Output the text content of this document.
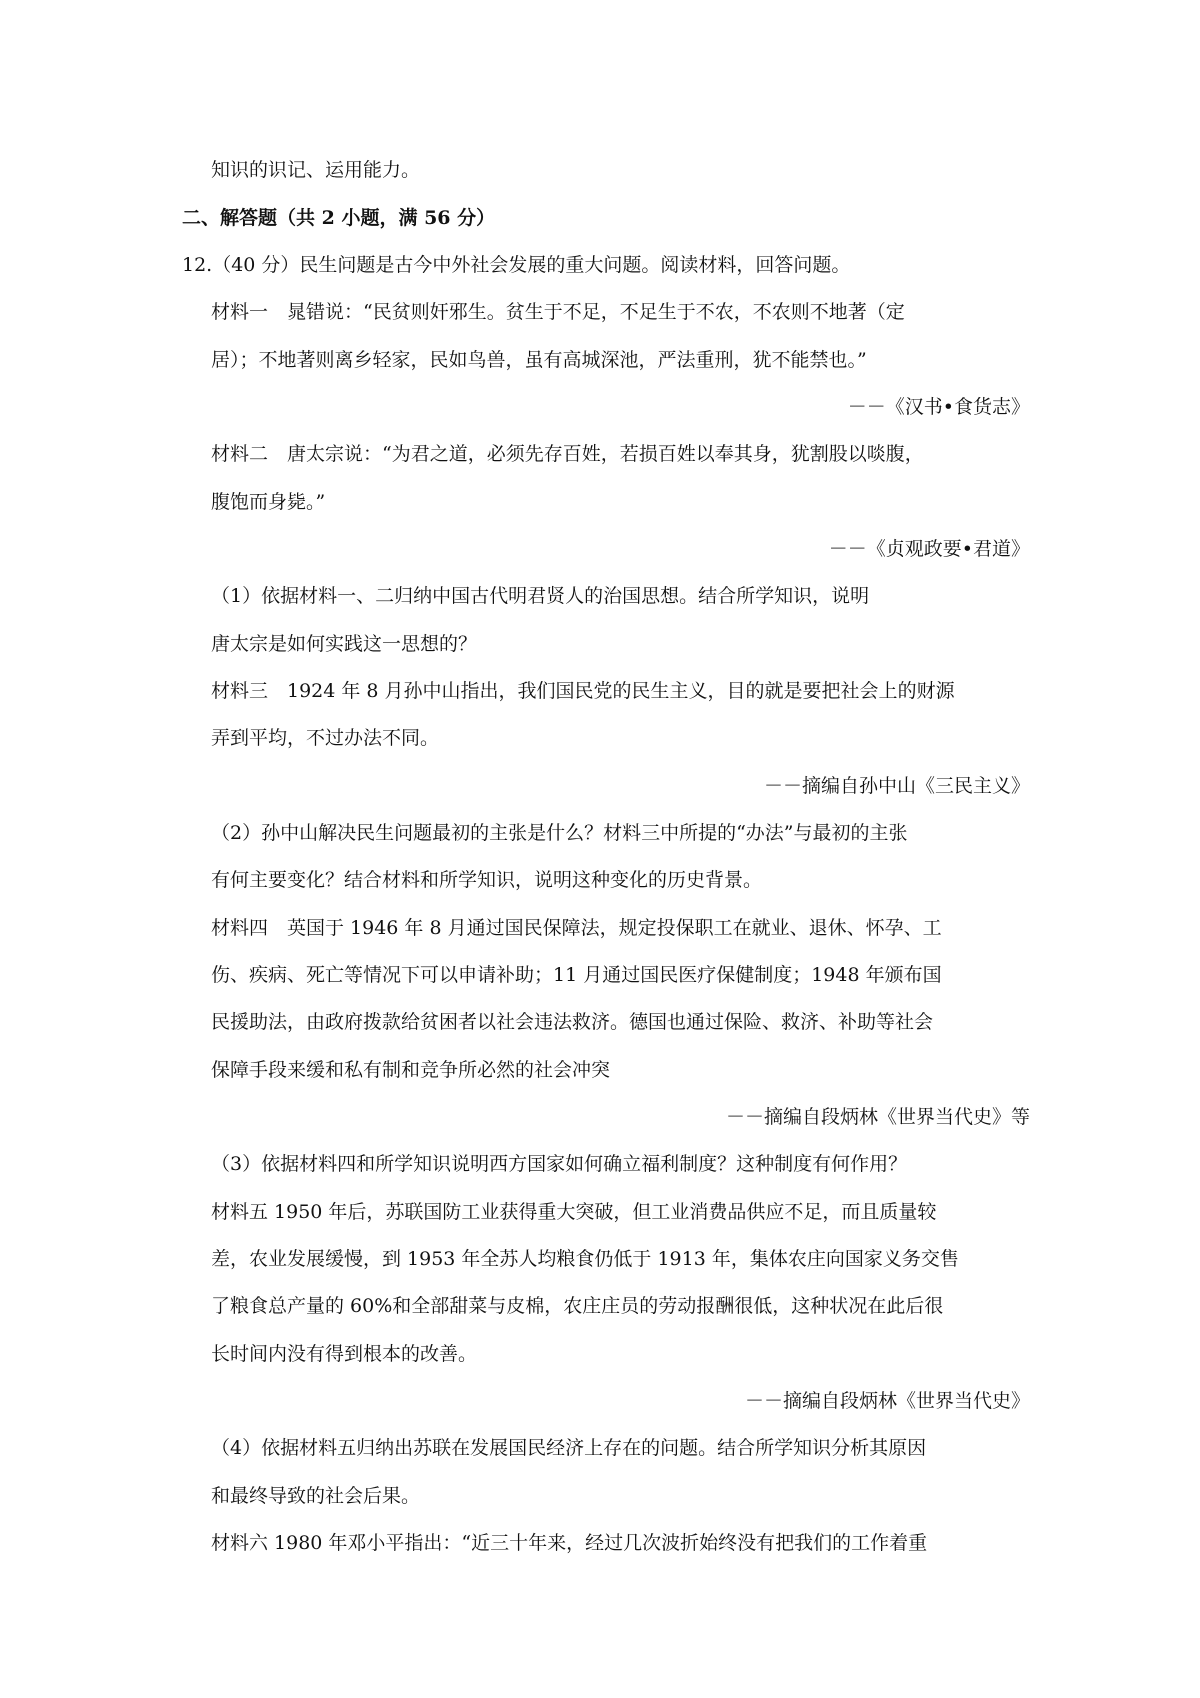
知识的识记、运用能力。
二、解答题（共 2 小题，满 56 分）
12.（40 分）民生问题是古今中外社会发展的重大问题。阅读材料，回答问题。
材料一　晁错说：“民贫则奸邪生。贫生于不足，不足生于不农，不农则不地著（定
居）；不地著则离乡轻家，民如鸟兽，虽有高城深池，严法重刑，犹不能禁也。”
－－《汉书•食货志》
材料二　唐太宗说：“为君之道，必须先存百姓，若损百姓以奉其身，犹割股以啖腹，
腹饱而身毙。”
－－《贞观政要•君道》
（1）依据材料一、二归纳中国古代明君贤人的治国思想。结合所学知识，说明
唐太宗是如何实践这一思想的？
材料三　1924 年 8 月孙中山指出，我们国民党的民生主义，目的就是要把社会上的财源
弄到平均，不过办法不同。
－－摘编自孙中山《三民主义》
（2）孙中山解决民生问题最初的主张是什么？材料三中所提的“办法”与最初的主张
有何主要变化？结合材料和所学知识，说明这种变化的历史背景。
材料四　英国于 1946 年 8 月通过国民保障法，规定投保职工在就业、退休、怀孕、工
伤、疾病、死亡等情况下可以申请补助；11 月通过国民医疗保健制度；1948 年颁布国
民援助法，由政府拨款给贫困者以社会违法救济。德国也通过保险、救济、补助等社会
保障手段来缓和私有制和竞争所必然的社会冲突
－－摘编自段炳林《世界当代史》等
（3）依据材料四和所学知识说明西方国家如何确立福利制度？这种制度有何作用？
材料五 1950 年后，苏联国防工业获得重大突破，但工业消费品供应不足，而且质量较
差，农业发展缓慢，到 1953 年全苏人均粮食仍低于 1913 年，集体农庄向国家义务交售
了粮食总产量的 60%和全部甜菜与皮棉，农庄庄员的劳动报酬很低，这种状况在此后很
长时间内没有得到根本的改善。
－－摘编自段炳林《世界当代史》
（4）依据材料五归纳出苏联在发展国民经济上存在的问题。结合所学知识分析其原因
和最终导致的社会后果。
材料六 1980 年邓小平指出：“近三十年来，经过几次波折始终没有把我们的工作着重
